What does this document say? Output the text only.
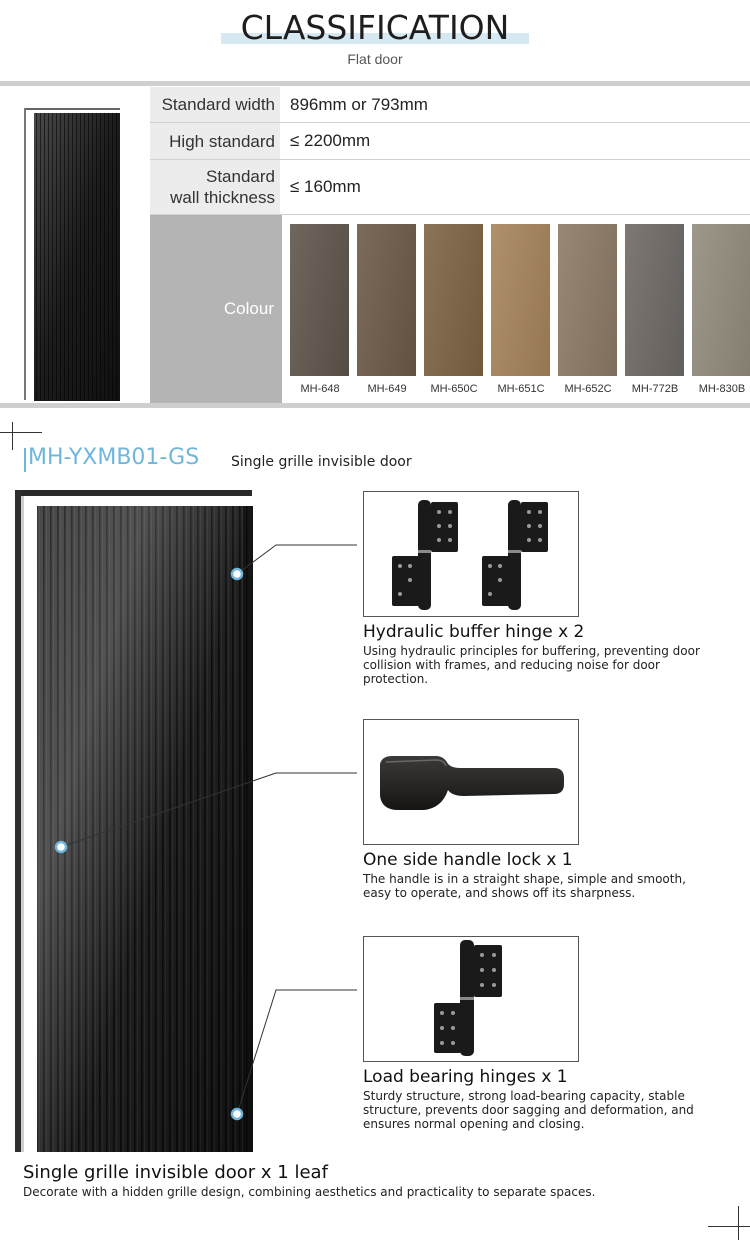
CLASSIFICATION
Flat door
Standard width 896mm or 793mm
High standard ≤ 2200mm
Standard
wall thickness
≤ 160mm
Colour
MH-648	MH-649	MH-650C	MH-651C	MH-652C	MH-772B	MH-830B
MH-YXMB01-GS Single grille invisible door
Hydraulic buffer hinge x 2
Using hydraulic principles for buffering, preventing door
collision with frames, and reducing noise for door
protection.
One side handle lock x 1
The handle is in a straight shape, simple and smooth,
easy to operate, and shows off its sharpness.
Load bearing hinges x 1
Sturdy structure, strong load-bearing capacity, stable
structure, prevents door sagging and deformation, and
ensures normal opening and closing.
Single grille invisible door x 1 leaf
Decorate with a hidden grille design, combining aesthetics and practicality to separate spaces.
